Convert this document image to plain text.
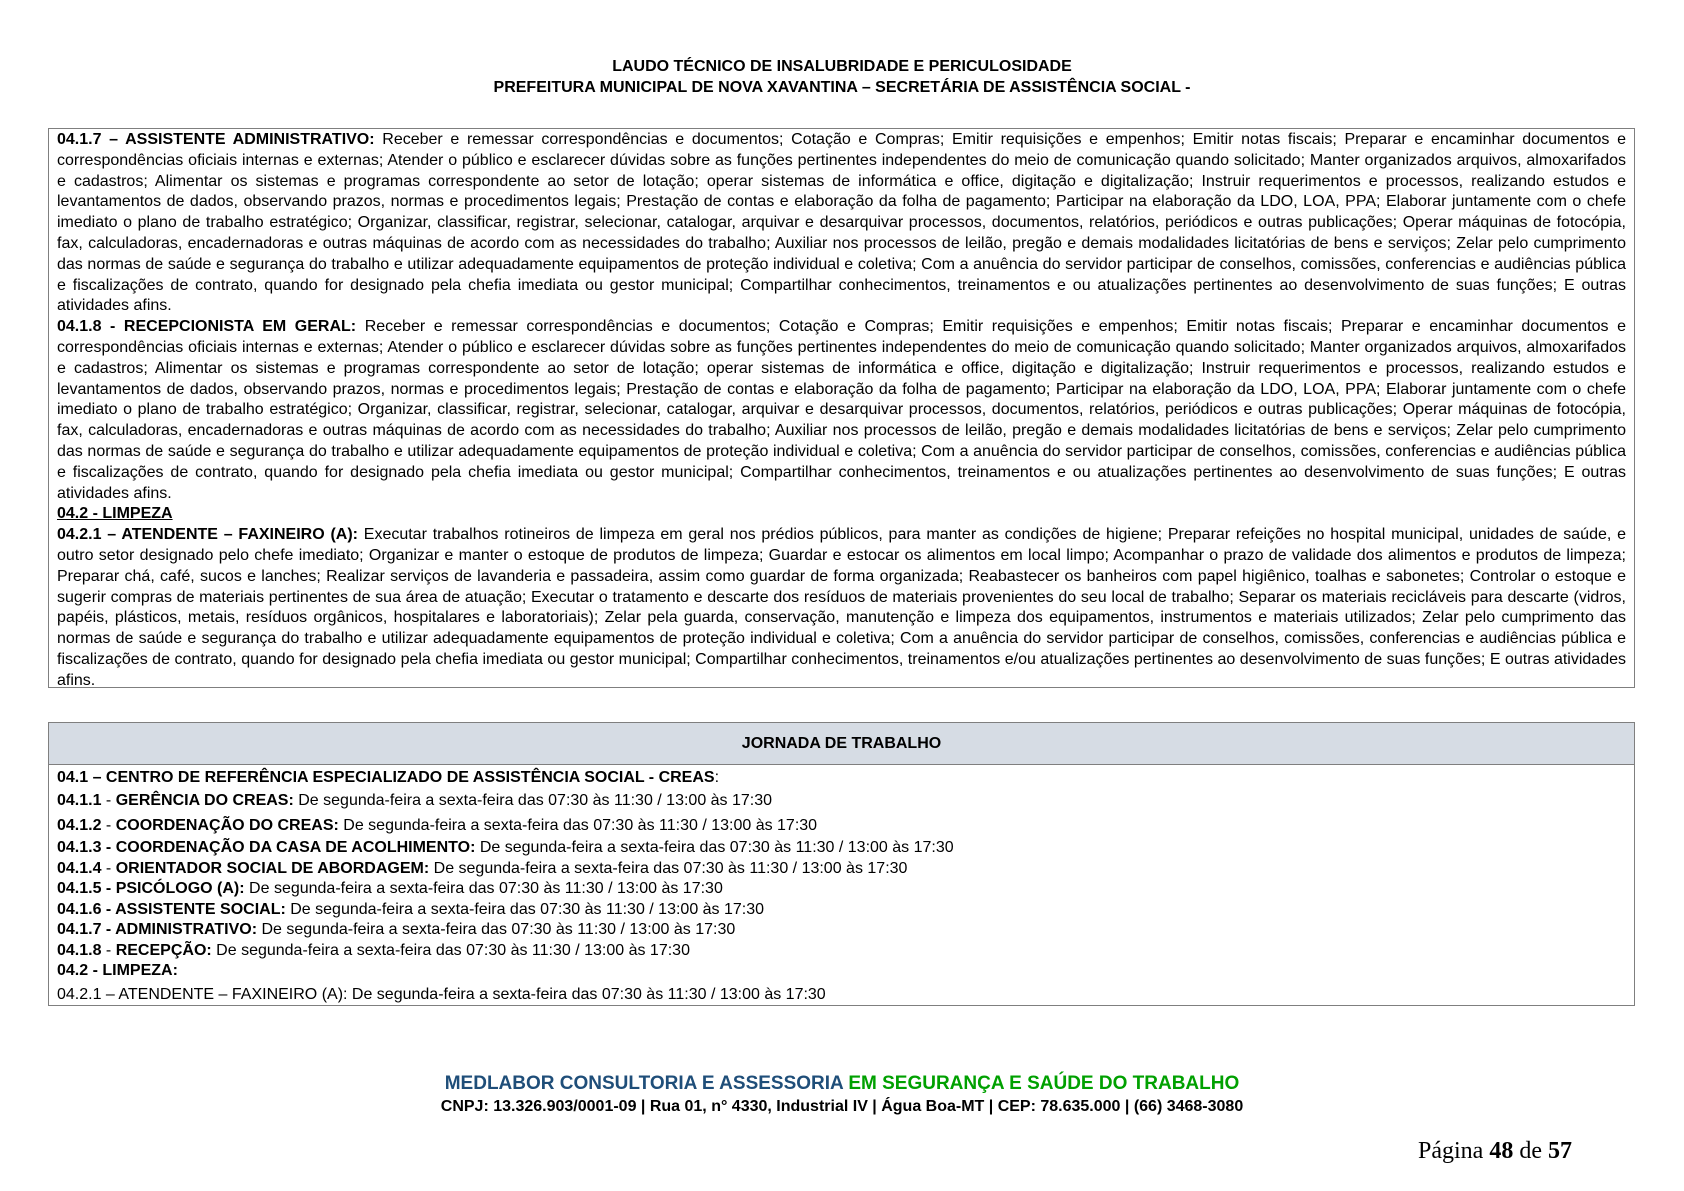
LAUDO TÉCNICO DE INSALUBRIDADE E PERICULOSIDADE
PREFEITURA MUNICIPAL DE NOVA XAVANTINA – SECRETÁRIA DE ASSISTÊNCIA SOCIAL -

04.1.7 – ASSISTENTE ADMINISTRATIVO: Receber e remessar correspondências e documentos; Cotação e Compras; Emitir requisições e empenhos; Emitir notas fiscais; Preparar e encaminhar documentos e correspondências oficiais internas e externas; Atender o público e esclarecer dúvidas sobre as funções pertinentes independentes do meio de comunicação quando solicitado; Manter organizados arquivos, almoxarifados e cadastros; Alimentar os sistemas e programas correspondente ao setor de lotação; operar sistemas de informática e office, digitação e digitalização; Instruir requerimentos e processos, realizando estudos e levantamentos de dados, observando prazos, normas e procedimentos legais; Prestação de contas e elaboração da folha de pagamento; Participar na elaboração da LDO, LOA, PPA; Elaborar juntamente com o chefe imediato o plano de trabalho estratégico; Organizar, classificar, registrar, selecionar, catalogar, arquivar e desarquivar processos, documentos, relatórios, periódicos e outras publicações; Operar máquinas de fotocópia, fax, calculadoras, encadernadoras e outras máquinas de acordo com as necessidades do trabalho; Auxiliar nos processos de leilão, pregão e demais modalidades licitatórias de bens e serviços; Zelar pelo cumprimento das normas de saúde e segurança do trabalho e utilizar adequadamente equipamentos de proteção individual e coletiva; Com a anuência do servidor participar de conselhos, comissões, conferencias e audiências pública e fiscalizações de contrato, quando for designado pela chefia imediata ou gestor municipal; Compartilhar conhecimentos, treinamentos e ou atualizações pertinentes ao desenvolvimento de suas funções; E outras atividades afins.

04.1.8 - RECEPCIONISTA EM GERAL: Receber e remessar correspondências e documentos; Cotação e Compras; Emitir requisições e empenhos; Emitir notas fiscais; Preparar e encaminhar documentos e correspondências oficiais internas e externas; Atender o público e esclarecer dúvidas sobre as funções pertinentes independentes do meio de comunicação quando solicitado; Manter organizados arquivos, almoxarifados e cadastros; Alimentar os sistemas e programas correspondente ao setor de lotação; operar sistemas de informática e office, digitação e digitalização; Instruir requerimentos e processos, realizando estudos e levantamentos de dados, observando prazos, normas e procedimentos legais; Prestação de contas e elaboração da folha de pagamento; Participar na elaboração da LDO, LOA, PPA; Elaborar juntamente com o chefe imediato o plano de trabalho estratégico; Organizar, classificar, registrar, selecionar, catalogar, arquivar e desarquivar processos, documentos, relatórios, periódicos e outras publicações; Operar máquinas de fotocópia, fax, calculadoras, encadernadoras e outras máquinas de acordo com as necessidades do trabalho; Auxiliar nos processos de leilão, pregão e demais modalidades licitatórias de bens e serviços; Zelar pelo cumprimento das normas de saúde e segurança do trabalho e utilizar adequadamente equipamentos de proteção individual e coletiva; Com a anuência do servidor participar de conselhos, comissões, conferencias e audiências pública e fiscalizações de contrato, quando for designado pela chefia imediata ou gestor municipal; Compartilhar conhecimentos, treinamentos e ou atualizações pertinentes ao desenvolvimento de suas funções; E outras atividades afins.

04.2 - LIMPEZA

04.2.1 – ATENDENTE – FAXINEIRO (A): Executar trabalhos rotineiros de limpeza em geral nos prédios públicos, para manter as condições de higiene; Preparar refeições no hospital municipal, unidades de saúde, e outro setor designado pelo chefe imediato; Organizar e manter o estoque de produtos de limpeza; Guardar e estocar os alimentos em local limpo; Acompanhar o prazo de validade dos alimentos e produtos de limpeza; Preparar chá, café, sucos e lanches; Realizar serviços de lavanderia e passadeira, assim como guardar de forma organizada; Reabastecer os banheiros com papel higiênico, toalhas e sabonetes; Controlar o estoque e sugerir compras de materiais pertinentes de sua área de atuação; Executar o tratamento e descarte dos resíduos de materiais provenientes do seu local de trabalho; Separar os materiais recicláveis para descarte (vidros, papéis, plásticos, metais, resíduos orgânicos, hospitalares e laboratoriais); Zelar pela guarda, conservação, manutenção e limpeza dos equipamentos, instrumentos e materiais utilizados; Zelar pelo cumprimento das normas de saúde e segurança do trabalho e utilizar adequadamente equipamentos de proteção individual e coletiva; Com a anuência do servidor participar de conselhos, comissões, conferencias e audiências pública e fiscalizações de contrato, quando for designado pela chefia imediata ou gestor municipal; Compartilhar conhecimentos, treinamentos e/ou atualizações pertinentes ao desenvolvimento de suas funções; E outras atividades afins.

JORNADA DE TRABALHO
04.1 – CENTRO DE REFERÊNCIA ESPECIALIZADO DE ASSISTÊNCIA SOCIAL - CREAS:
04.1.1 - GERÊNCIA DO CREAS: De segunda-feira a sexta-feira das 07:30 às 11:30 / 13:00 às 17:30
04.1.2 - COORDENAÇÃO DO CREAS: De segunda-feira a sexta-feira das 07:30 às 11:30 / 13:00 às 17:30
04.1.3 - COORDENAÇÃO DA CASA DE ACOLHIMENTO: De segunda-feira a sexta-feira das 07:30 às 11:30 / 13:00 às 17:30
04.1.4 - ORIENTADOR SOCIAL DE ABORDAGEM: De segunda-feira a sexta-feira das 07:30 às 11:30 / 13:00 às 17:30
04.1.5 - PSICÓLOGO (A): De segunda-feira a sexta-feira das 07:30 às 11:30 / 13:00 às 17:30
04.1.6 - ASSISTENTE SOCIAL: De segunda-feira a sexta-feira das 07:30 às 11:30 / 13:00 às 17:30
04.1.7 - ADMINISTRATIVO: De segunda-feira a sexta-feira das 07:30 às 11:30 / 13:00 às 17:30
04.1.8 - RECEPÇÃO: De segunda-feira a sexta-feira das 07:30 às 11:30 / 13:00 às 17:30
04.2 - LIMPEZA:
04.2.1 – ATENDENTE – FAXINEIRO (A): De segunda-feira a sexta-feira das 07:30 às 11:30 / 13:00 às 17:30
MEDLABOR CONSULTORIA E ASSESSORIA EM SEGURANÇA E SAÚDE DO TRABALHO
CNPJ: 13.326.903/0001-09 | Rua 01, n° 4330, Industrial IV | Água Boa-MT | CEP: 78.635.000 | (66) 3468-3080
Página 48 de 57
